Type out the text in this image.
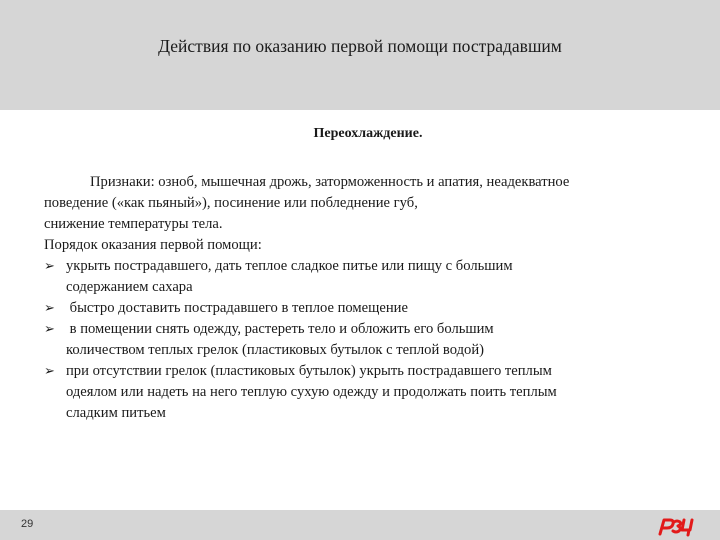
Действия по оказанию первой помощи пострадавшим
Переохлаждение.
Признаки: озноб, мышечная дрожь, заторможенность и апатия, неадекватное
поведение («как пьяный»), посинение или побледнение губ,
снижение температуры тела.
Порядок оказания первой помощи:
➢ укрыть пострадавшего, дать теплое сладкое питье или пищу с большим
содержанием сахара
➢ быстро доставить пострадавшего в теплое помещение
➢ в помещении снять одежду, растереть тело и обложить его большим
количеством теплых грелок (пластиковых бутылок с теплой водой)
➢ при отсутствии грелок (пластиковых бутылок) укрыть пострадавшего теплым
одеялом или надеть на него теплую сухую одежду и продолжать поить теплым
сладким питьем
29
